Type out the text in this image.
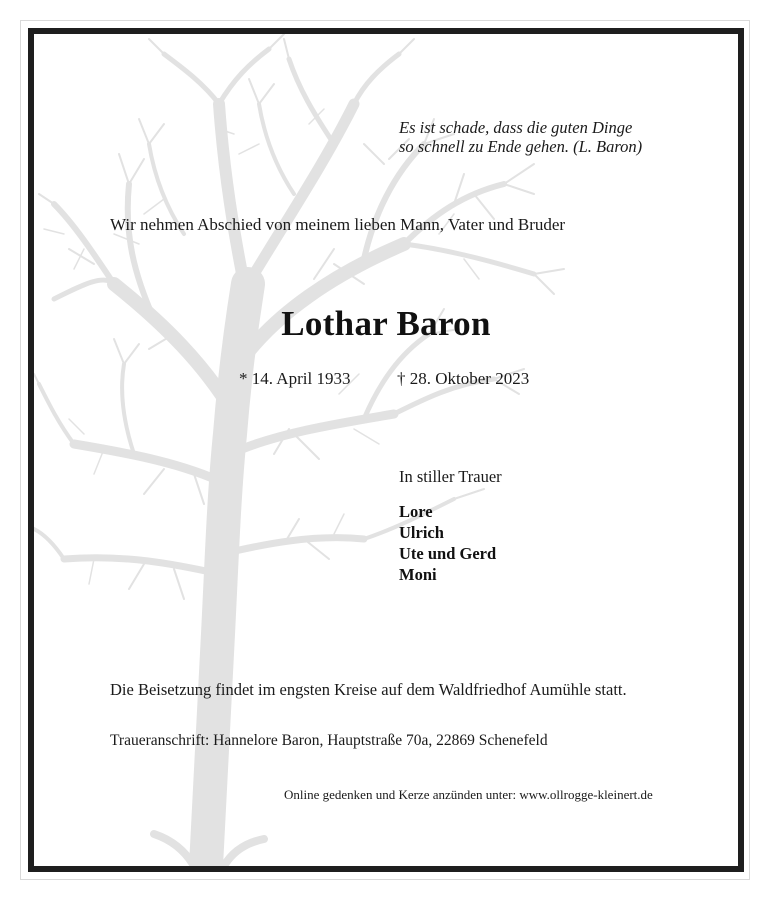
Es ist schade, dass die guten Dinge
so schnell zu Ende gehen. (L. Baron)
Wir nehmen Abschied von meinem lieben Mann, Vater und Bruder
Lothar Baron
* 14. April 1933	† 28. Oktober 2023
In stiller Trauer
Lore
Ulrich
Ute und Gerd
Moni
Die Beisetzung findet im engsten Kreise auf dem Waldfriedhof Aumühle statt.
Traueranschrift: Hannelore Baron, Hauptstraße 70a, 22869 Schenefeld
Online gedenken und Kerze anzünden unter: www.ollrogge-kleinert.de
